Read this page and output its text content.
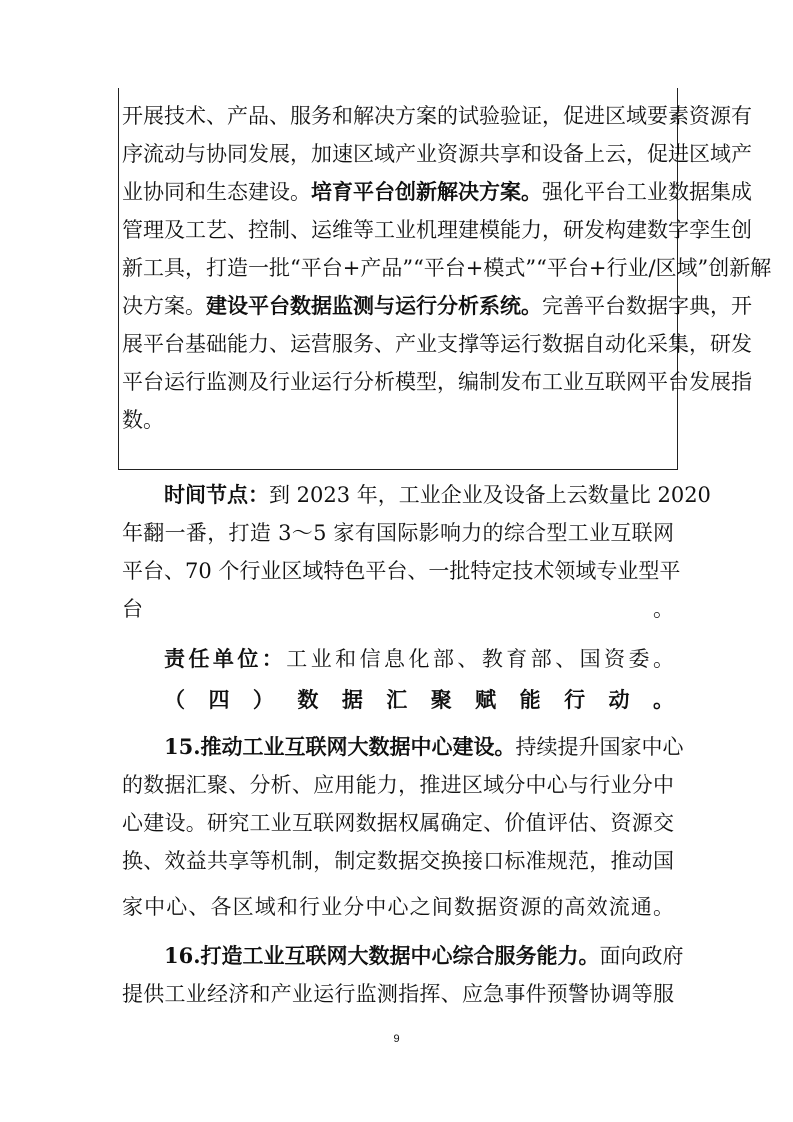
开展技术、产品、服务和解决方案的试验验证，促进区域要素资源有
序流动与协同发展，加速区域产业资源共享和设备上云，促进区域产
业协同和生态建设。培育平台创新解决方案。强化平台工业数据集成
管理及工艺、控制、运维等工业机理建模能力，研发构建数字孪生创
新工具，打造一批“平台+产品”“平台+模式”“平台+行业/区域”创新解
决方案。建设平台数据监测与运行分析系统。完善平台数据字典，开
展平台基础能力、运营服务、产业支撑等运行数据自动化采集，研发
平台运行监测及行业运行分析模型，编制发布工业互联网平台发展指
数。
时间节点：到 2023 年，工业企业及设备上云数量比 2020
年翻一番，打造 3～5 家有国际影响力的综合型工业互联网
平台、70 个行业区域特色平台、一批特定技术领域专业型平
台。
责任单位：工业和信息化部、教育部、国资委。
（四）数据汇聚赋能行动。
15.推动工业互联网大数据中心建设。持续提升国家中心
的数据汇聚、分析、应用能力，推进区域分中心与行业分中
心建设。研究工业互联网数据权属确定、价值评估、资源交
换、效益共享等机制，制定数据交换接口标准规范，推动国
家中心、各区域和行业分中心之间数据资源的高效流通。
16.打造工业互联网大数据中心综合服务能力。面向政府
提供工业经济和产业运行监测指挥、应急事件预警协调等服
9
